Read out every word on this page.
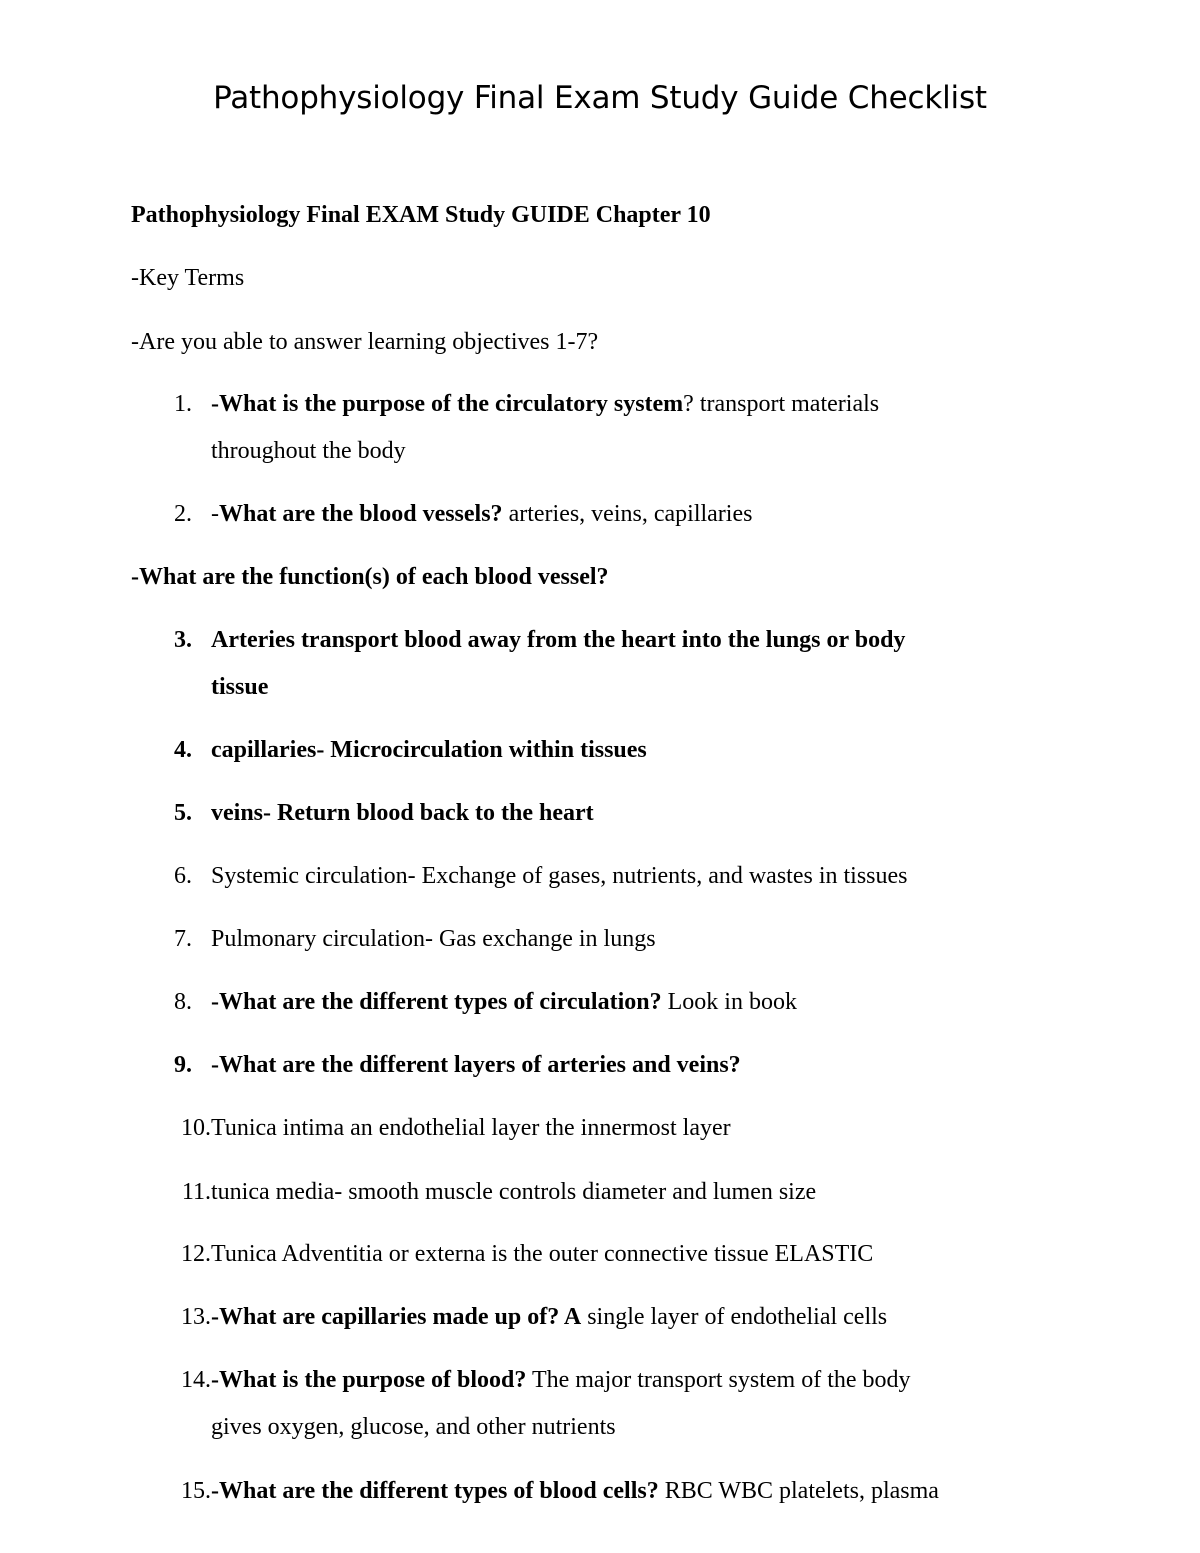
Pathophysiology Final Exam Study Guide Checklist
Pathophysiology Final EXAM Study GUIDE Chapter 10
-Key Terms
-Are you able to answer learning objectives 1-7?
1. -What is the purpose of the circulatory system? transport materials
throughout the body
2. -What are the blood vessels? arteries, veins, capillaries
-What are the function(s) of each blood vessel?
3. Arteries transport blood away from the heart into the lungs or body
tissue
4. capillaries- Microcirculation within tissues
5. veins- Return blood back to the heart
6. Systemic circulation- Exchange of gases, nutrients, and wastes in tissues
7. Pulmonary circulation- Gas exchange in lungs
8. -What are the different types of circulation? Look in book
9. -What are the different layers of arteries and veins?
10. Tunica intima an endothelial layer the innermost layer
11. tunica media- smooth muscle controls diameter and lumen size
12. Tunica Adventitia or externa is the outer connective tissue ELASTIC
13. -What are capillaries made up of? A single layer of endothelial cells
14. -What is the purpose of blood? The major transport system of the body
gives oxygen, glucose, and other nutrients
15. -What are the different types of blood cells? RBC WBC platelets, plasma
